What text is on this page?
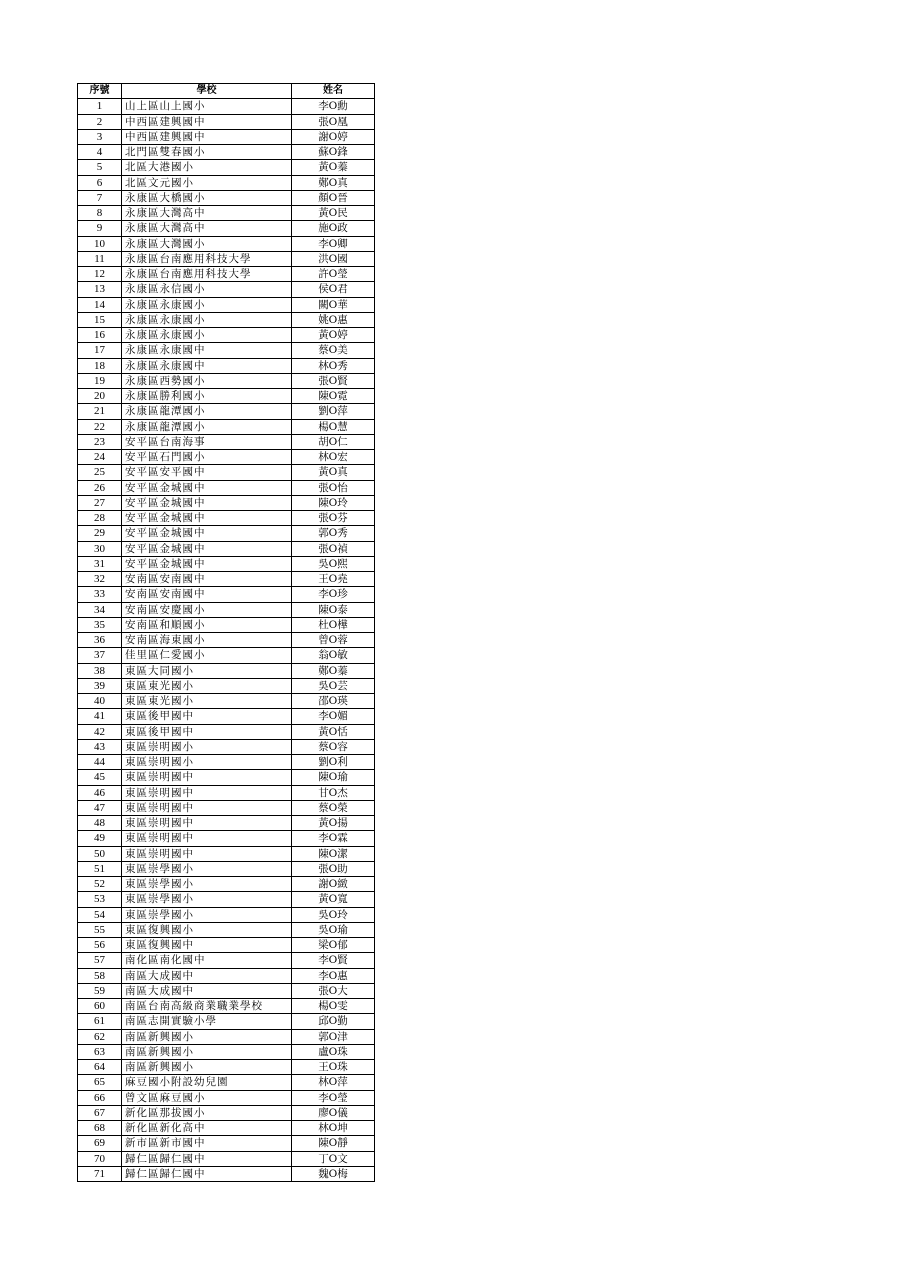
序號	學校	姓名
1	山上區山上國小	李O勳
2	中西區建興國中	張O凰
3	中西區建興國中	謝O婷
4	北門區雙春國小	蘇O鋒
5	北區大港國小	黃O蓁
6	北區文元國小	鄭O真
7	永康區大橋國小	顏O晉
8	永康區大灣高中	黃O民
9	永康區大灣高中	施O政
10	永康區大灣國小	李O卿
11	永康區台南應用科技大學	洪O國
12	永康區台南應用科技大學	許O瑩
13	永康區永信國小	侯O君
14	永康區永康國小	闕O華
15	永康區永康國小	姚O惠
16	永康區永康國小	黃O婷
17	永康區永康國中	蔡O美
18	永康區永康國中	林O秀
19	永康區西勢國小	張O賢
20	永康區勝利國小	陳O霓
21	永康區龍潭國小	劉O萍
22	永康區龍潭國小	楊O慧
23	安平區台南海事	胡O仁
24	安平區石門國小	林O宏
25	安平區安平國中	黃O真
26	安平區金城國中	張O怡
27	安平區金城國中	陳O玲
28	安平區金城國中	張O芬
29	安平區金城國中	郭O秀
30	安平區金城國中	張O禎
31	安平區金城國中	吳O熙
32	安南區安南國中	王O堯
33	安南區安南國中	李O珍
34	安南區安慶國小	陳O泰
35	安南區和順國小	杜O樺
36	安南區海東國小	曾O蓉
37	佳里區仁愛國小	翁O敏
38	東區大同國小	鄭O蓁
39	東區東光國小	吳O芸
40	東區東光國小	邵O瑛
41	東區後甲國中	李O媚
42	東區後甲國中	黃O恬
43	東區崇明國小	蔡O容
44	東區崇明國小	劉O利
45	東區崇明國中	陳O瑜
46	東區崇明國中	甘O杰
47	東區崇明國中	蔡O榮
48	東區崇明國中	黃O揚
49	東區崇明國中	李O霖
50	東區崇明國中	陳O潔
51	東區崇學國小	張O助
52	東區崇學國小	謝O緻
53	東區崇學國小	黃O寬
54	東區崇學國小	吳O玲
55	東區復興國小	吳O瑜
56	東區復興國中	梁O郁
57	南化區南化國中	李O賢
58	南區大成國中	李O惠
59	南區大成國中	張O大
60	南區台南高級商業職業學校	楊O雯
61	南區志開實驗小學	邱O勤
62	南區新興國小	郭O津
63	南區新興國小	盧O珠
64	南區新興國小	王O珠
65	麻豆國小附設幼兒園	林O萍
66	曾文區麻豆國小	李O瑩
67	新化區那拔國小	廖O儀
68	新化區新化高中	林O坤
69	新市區新市國中	陳O靜
70	歸仁區歸仁國中	丁O文
71	歸仁區歸仁國中	魏O梅
